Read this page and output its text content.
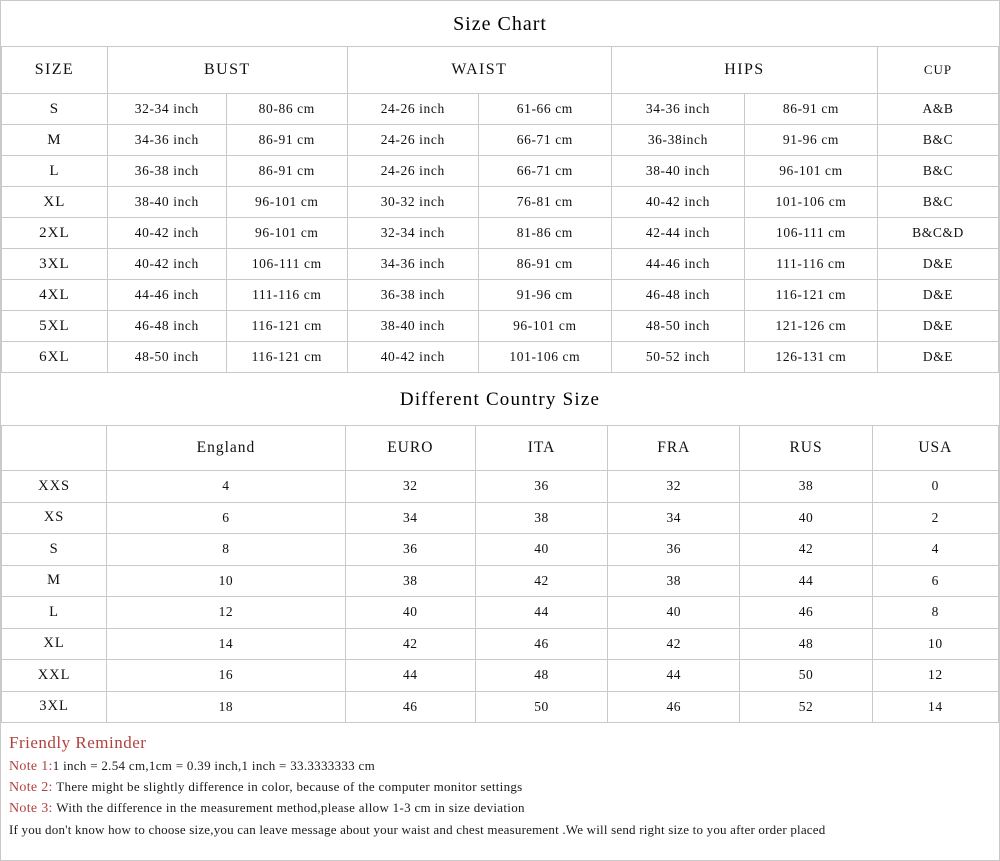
Size Chart
SIZE	BUST		WAIST		HIPS		CUP
S	32-34 inch	80-86 cm	24-26 inch	61-66 cm	34-36 inch	86-91 cm	A&B
M	34-36 inch	86-91 cm	24-26 inch	66-71 cm	36-38inch	91-96 cm	B&C
L	36-38 inch	86-91 cm	24-26 inch	66-71 cm	38-40 inch	96-101 cm	B&C
XL	38-40 inch	96-101 cm	30-32 inch	76-81 cm	40-42 inch	101-106 cm	B&C
2XL	40-42 inch	96-101 cm	32-34 inch	81-86 cm	42-44 inch	106-111 cm	B&C&D
3XL	40-42 inch	106-111 cm	34-36 inch	86-91 cm	44-46 inch	111-116 cm	D&E
4XL	44-46 inch	111-116 cm	36-38 inch	91-96 cm	46-48 inch	116-121 cm	D&E
5XL	46-48 inch	116-121 cm	38-40 inch	96-101 cm	48-50 inch	121-126 cm	D&E
6XL	48-50 inch	116-121 cm	40-42 inch	101-106 cm	50-52 inch	126-131 cm	D&E
Different Country Size
	England	EURO	ITA	FRA	RUS	USA
XXS	4	32	36	32	38	0
XS	6	34	38	34	40	2
S	8	36	40	36	42	4
M	10	38	42	38	44	6
L	12	40	44	40	46	8
XL	14	42	46	42	48	10
XXL	16	44	48	44	50	12
3XL	18	46	50	46	52	14
Friendly Reminder
Note 1:1 inch = 2.54 cm,1cm = 0.39 inch,1 inch = 33.3333333 cm
Note 2: There might be slightly difference in color, because of the computer monitor settings
Note 3: With the difference in the measurement method,please allow 1-3 cm in size deviation
If you don't know how to choose size,you can leave message about your waist and chest measurement .We will send right size to you after order placed
